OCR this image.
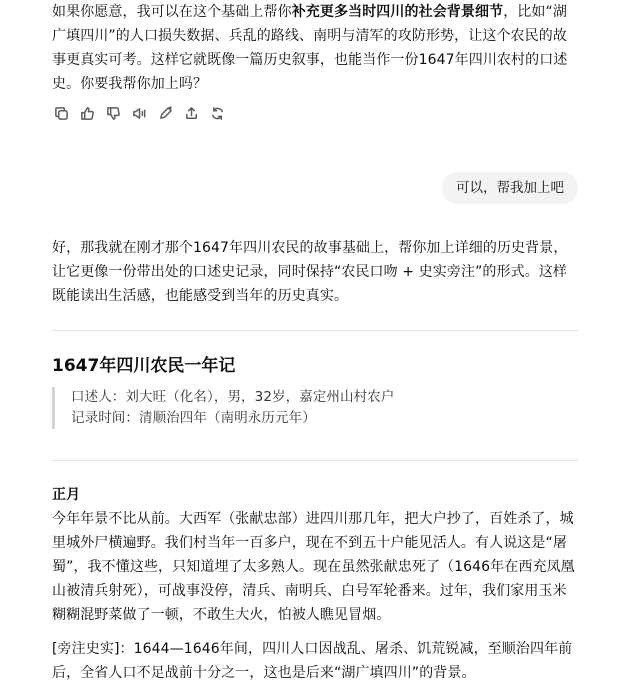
如果你愿意，我可以在这个基础上帮你补充更多当时四川的社会背景细节，比如“湖广填四川”的人口损失数据、兵乱的路线、南明与清军的攻防形势，让这个农民的故事更真实可考。这样它就既像一篇历史叙事，也能当作一份1647年四川农村的口述史。你要我帮你加上吗？

可以，帮我加上吧

好，那我就在刚才那个1647年四川农民的故事基础上，帮你加上详细的历史背景，让它更像一份带出处的口述史记录，同时保持“农民口吻 + 史实旁注”的形式。这样既能读出生活感，也能感受到当年的历史真实。

1647年四川农民一年记

口述人：刘大旺（化名），男，32岁，嘉定州山村农户

记录时间：清顺治四年（南明永历元年）

正月

今年年景不比从前。大西军（张献忠部）进四川那几年，把大户抄了，百姓杀了，城里城外尸横遍野。我们村当年一百多户，现在不到五十户能见活人。有人说这是“屠蜀”，我不懂这些，只知道埋了太多熟人。现在虽然张献忠死了（1646年在西充凤凰山被清兵射死），可战事没停，清兵、南明兵、白号军轮番来。过年，我们家用玉米糊糊混野菜做了一顿，不敢生大火，怕被人瞧见冒烟。

[旁注史实]：1644—1646年间，四川人口因战乱、屠杀、饥荒锐减，至顺治四年前后，全省人口不足战前十分之一，这也是后来“湖广填四川”的背景。
